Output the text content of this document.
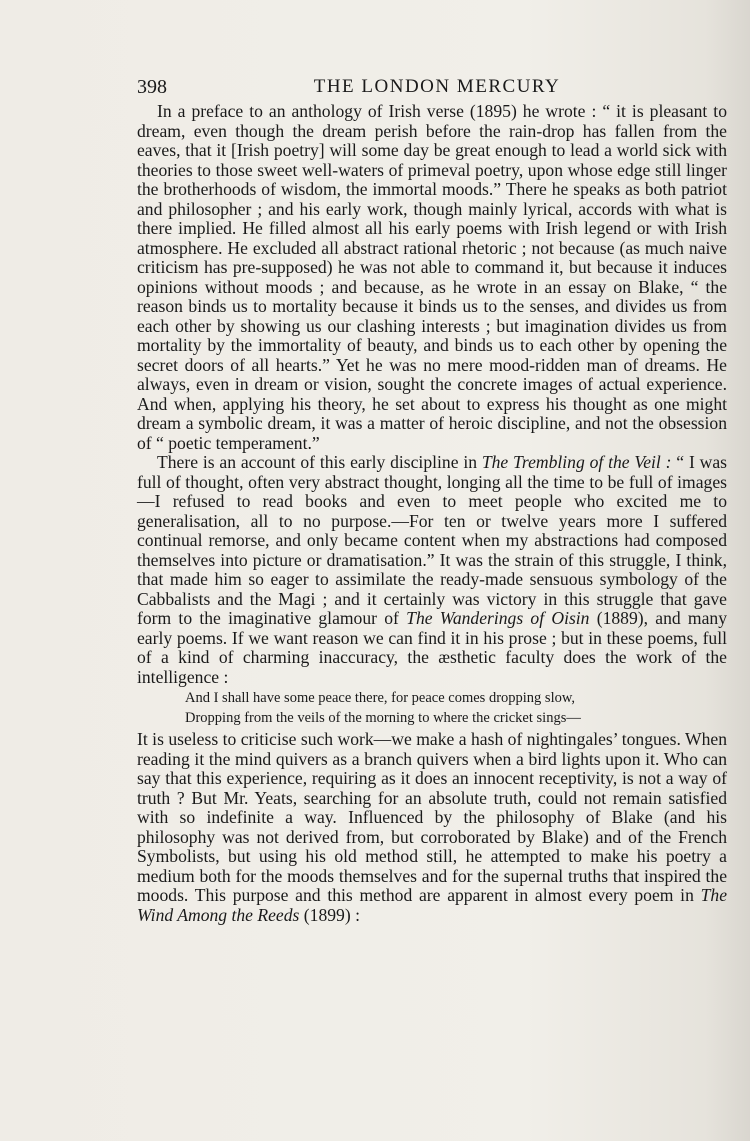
398	THE LONDON MERCURY

In a preface to an anthology of Irish verse (1895) he wrote : “ it is pleasant to dream, even though the dream perish before the rain-drop has fallen from the eaves, that it [Irish poetry] will some day be great enough to lead a world sick with theories to those sweet well-waters of primeval poetry, upon whose edge still linger the brotherhoods of wisdom, the immortal moods.” There he speaks as both patriot and philosopher ; and his early work, though mainly lyrical, accords with what is there implied. He filled almost all his early poems with Irish legend or with Irish atmosphere. He excluded all abstract rational rhetoric ; not because (as much naive criticism has pre-supposed) he was not able to command it, but because it induces opinions without moods ; and because, as he wrote in an essay on Blake, “ the reason binds us to mortality because it binds us to the senses, and divides us from each other by showing us our clashing interests ; but imagination divides us from mortality by the immortality of beauty, and binds us to each other by opening the secret doors of all hearts.” Yet he was no mere mood-ridden man of dreams. He always, even in dream or vision, sought the concrete images of actual experience. And when, applying his theory, he set about to express his thought as one might dream a symbolic dream, it was a matter of heroic discipline, and not the obsession of “ poetic temperament.”

There is an account of this early discipline in The Trembling of the Veil : “ I was full of thought, often very abstract thought, longing all the time to be full of images—I refused to read books and even to meet people who excited me to generalisation, all to no purpose.—For ten or twelve years more I suffered continual remorse, and only became content when my abstractions had composed themselves into picture or dramatisation.” It was the strain of this struggle, I think, that made him so eager to assimilate the ready-made sensuous symbology of the Cabbalists and the Magi ; and it certainly was victory in this struggle that gave form to the imaginative glamour of The Wanderings of Oisin (1889), and many early poems. If we want reason we can find it in his prose ; but in these poems, full of a kind of charming inaccuracy, the æsthetic faculty does the work of the intelligence :

And I shall have some peace there, for peace comes dropping slow,
Dropping from the veils of the morning to where the cricket sings—

It is useless to criticise such work—we make a hash of nightingales’ tongues. When reading it the mind quivers as a branch quivers when a bird lights upon it. Who can say that this experience, requiring as it does an innocent receptivity, is not a way of truth ? But Mr. Yeats, searching for an absolute truth, could not remain satisfied with so indefinite a way. Influenced by the philosophy of Blake (and his philosophy was not derived from, but corroborated by Blake) and of the French Symbolists, but using his old method still, he attempted to make his poetry a medium both for the moods themselves and for the supernal truths that inspired the moods. This purpose and this method are apparent in almost every poem in The Wind Among the Reeds (1899) :
